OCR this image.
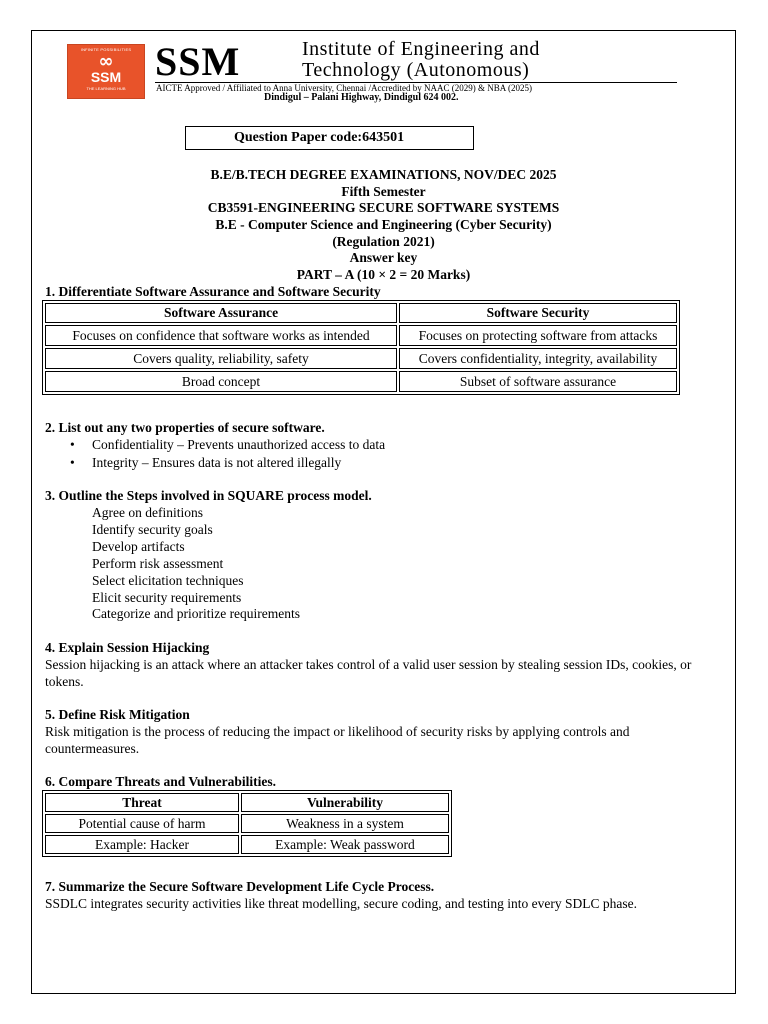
INFINITE POSSIBILITIES
∞
SSM
THE LEARNING HUB
SSM	Institute of Engineering and
Technology (Autonomous)
AICTE Approved / Affiliated to Anna University, Chennai /Accredited by NAAC (2029) & NBA (2025)
Dindigul – Palani Highway, Dindigul 624 002.
Question Paper code:643501
B.E/B.TECH DEGREE EXAMINATIONS, NOV/DEC 2025
Fifth Semester
CB3591-ENGINEERING SECURE SOFTWARE SYSTEMS
B.E - Computer Science and Engineering (Cyber Security)
(Regulation 2021)
Answer key
PART – A (10 × 2 = 20 Marks)
1. Differentiate Software Assurance and Software Security
Software Assurance	Software Security
Focuses on confidence that software works as intended	Focuses on protecting software from attacks
Covers quality, reliability, safety	Covers confidentiality, integrity, availability
Broad concept	Subset of software assurance
2. List out any two properties of secure software.
• Confidentiality – Prevents unauthorized access to data
• Integrity – Ensures data is not altered illegally
3. Outline the Steps involved in SQUARE process model.
Agree on definitions
Identify security goals
Develop artifacts
Perform risk assessment
Select elicitation techniques
Elicit security requirements
Categorize and prioritize requirements
4. Explain Session Hijacking
Session hijacking is an attack where an attacker takes control of a valid user session by stealing session IDs, cookies, or tokens.
5. Define Risk Mitigation
Risk mitigation is the process of reducing the impact or likelihood of security risks by applying controls and countermeasures.
6. Compare Threats and Vulnerabilities.
Threat	Vulnerability
Potential cause of harm	Weakness in a system
Example: Hacker	Example: Weak password
7. Summarize the Secure Software Development Life Cycle Process.
SSDLC integrates security activities like threat modelling, secure coding, and testing into every SDLC phase.
